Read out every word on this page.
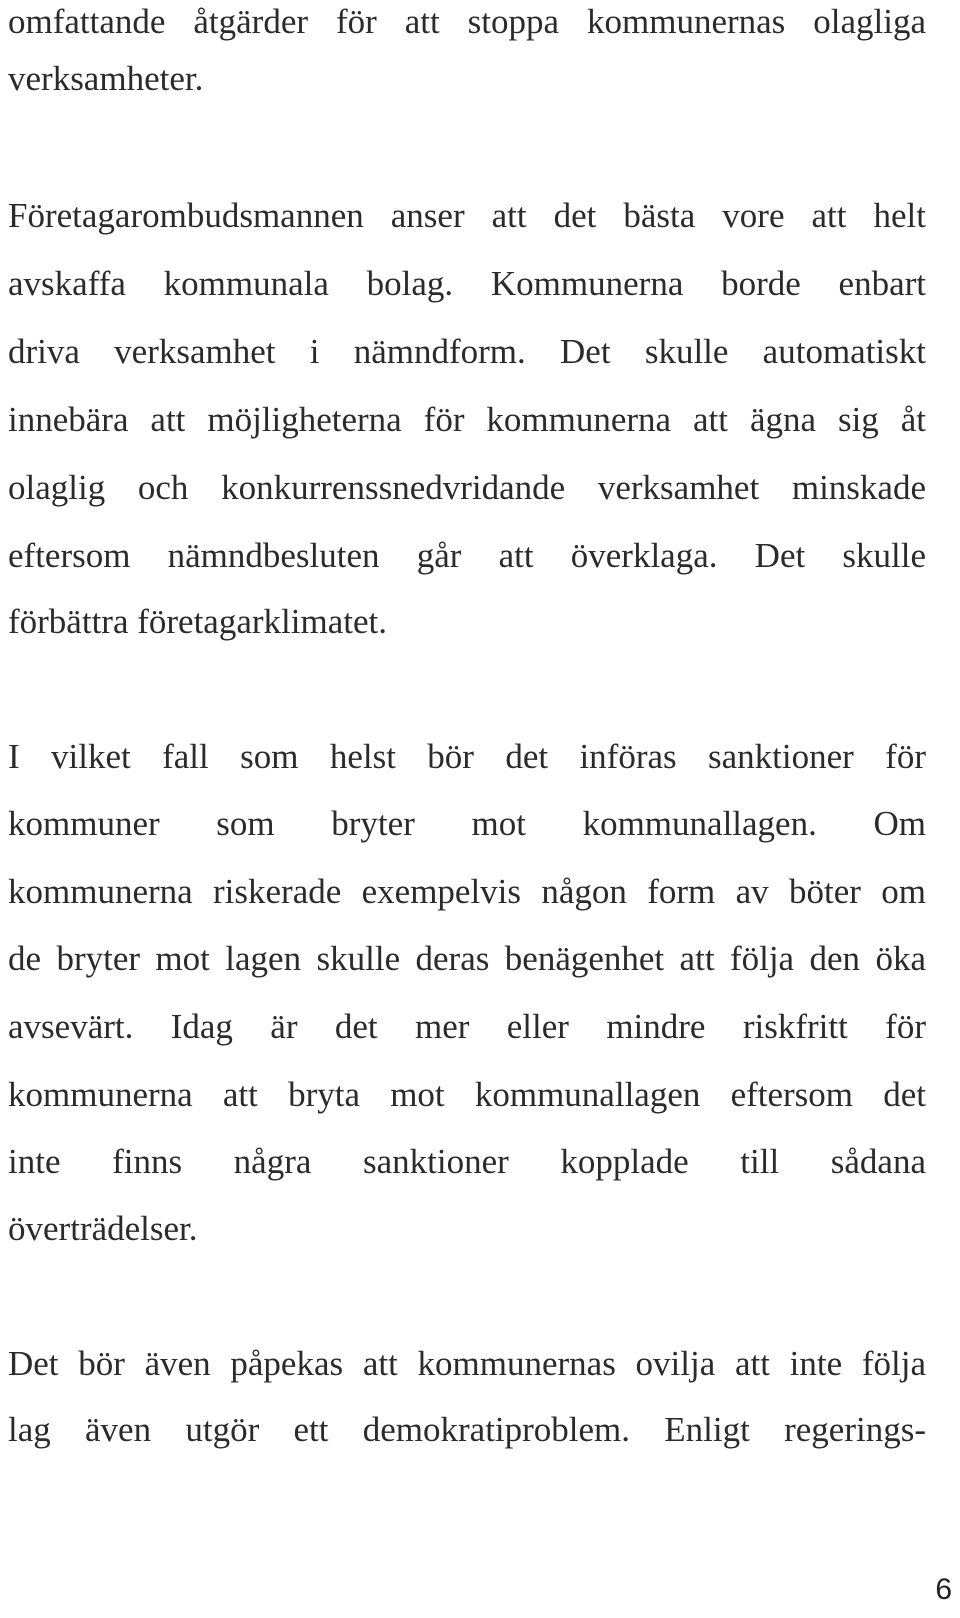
omfattande åtgärder för att stoppa kommunernas olagliga
verksamheter.
Företagarombudsmannen anser att det bästa vore att helt
avskaffa kommunala bolag. Kommunerna borde enbart
driva verksamhet i nämndform. Det skulle automatiskt
innebära att möjligheterna för kommunerna att ägna sig åt
olaglig och konkurrenssnedvridande verksamhet minskade
eftersom nämndbesluten går att överklaga. Det skulle
förbättra företagarklimatet.
I vilket fall som helst bör det införas sanktioner för
kommuner som bryter mot kommunallagen. Om
kommunerna riskerade exempelvis någon form av böter om
de bryter mot lagen skulle deras benägenhet att följa den öka
avsevärt. Idag är det mer eller mindre riskfritt för
kommunerna att bryta mot kommunallagen eftersom det
inte finns några sanktioner kopplade till sådana
överträdelser.
Det bör även påpekas att kommunernas ovilja att inte följa
lag även utgör ett demokratiproblem. Enligt regerings-
6
